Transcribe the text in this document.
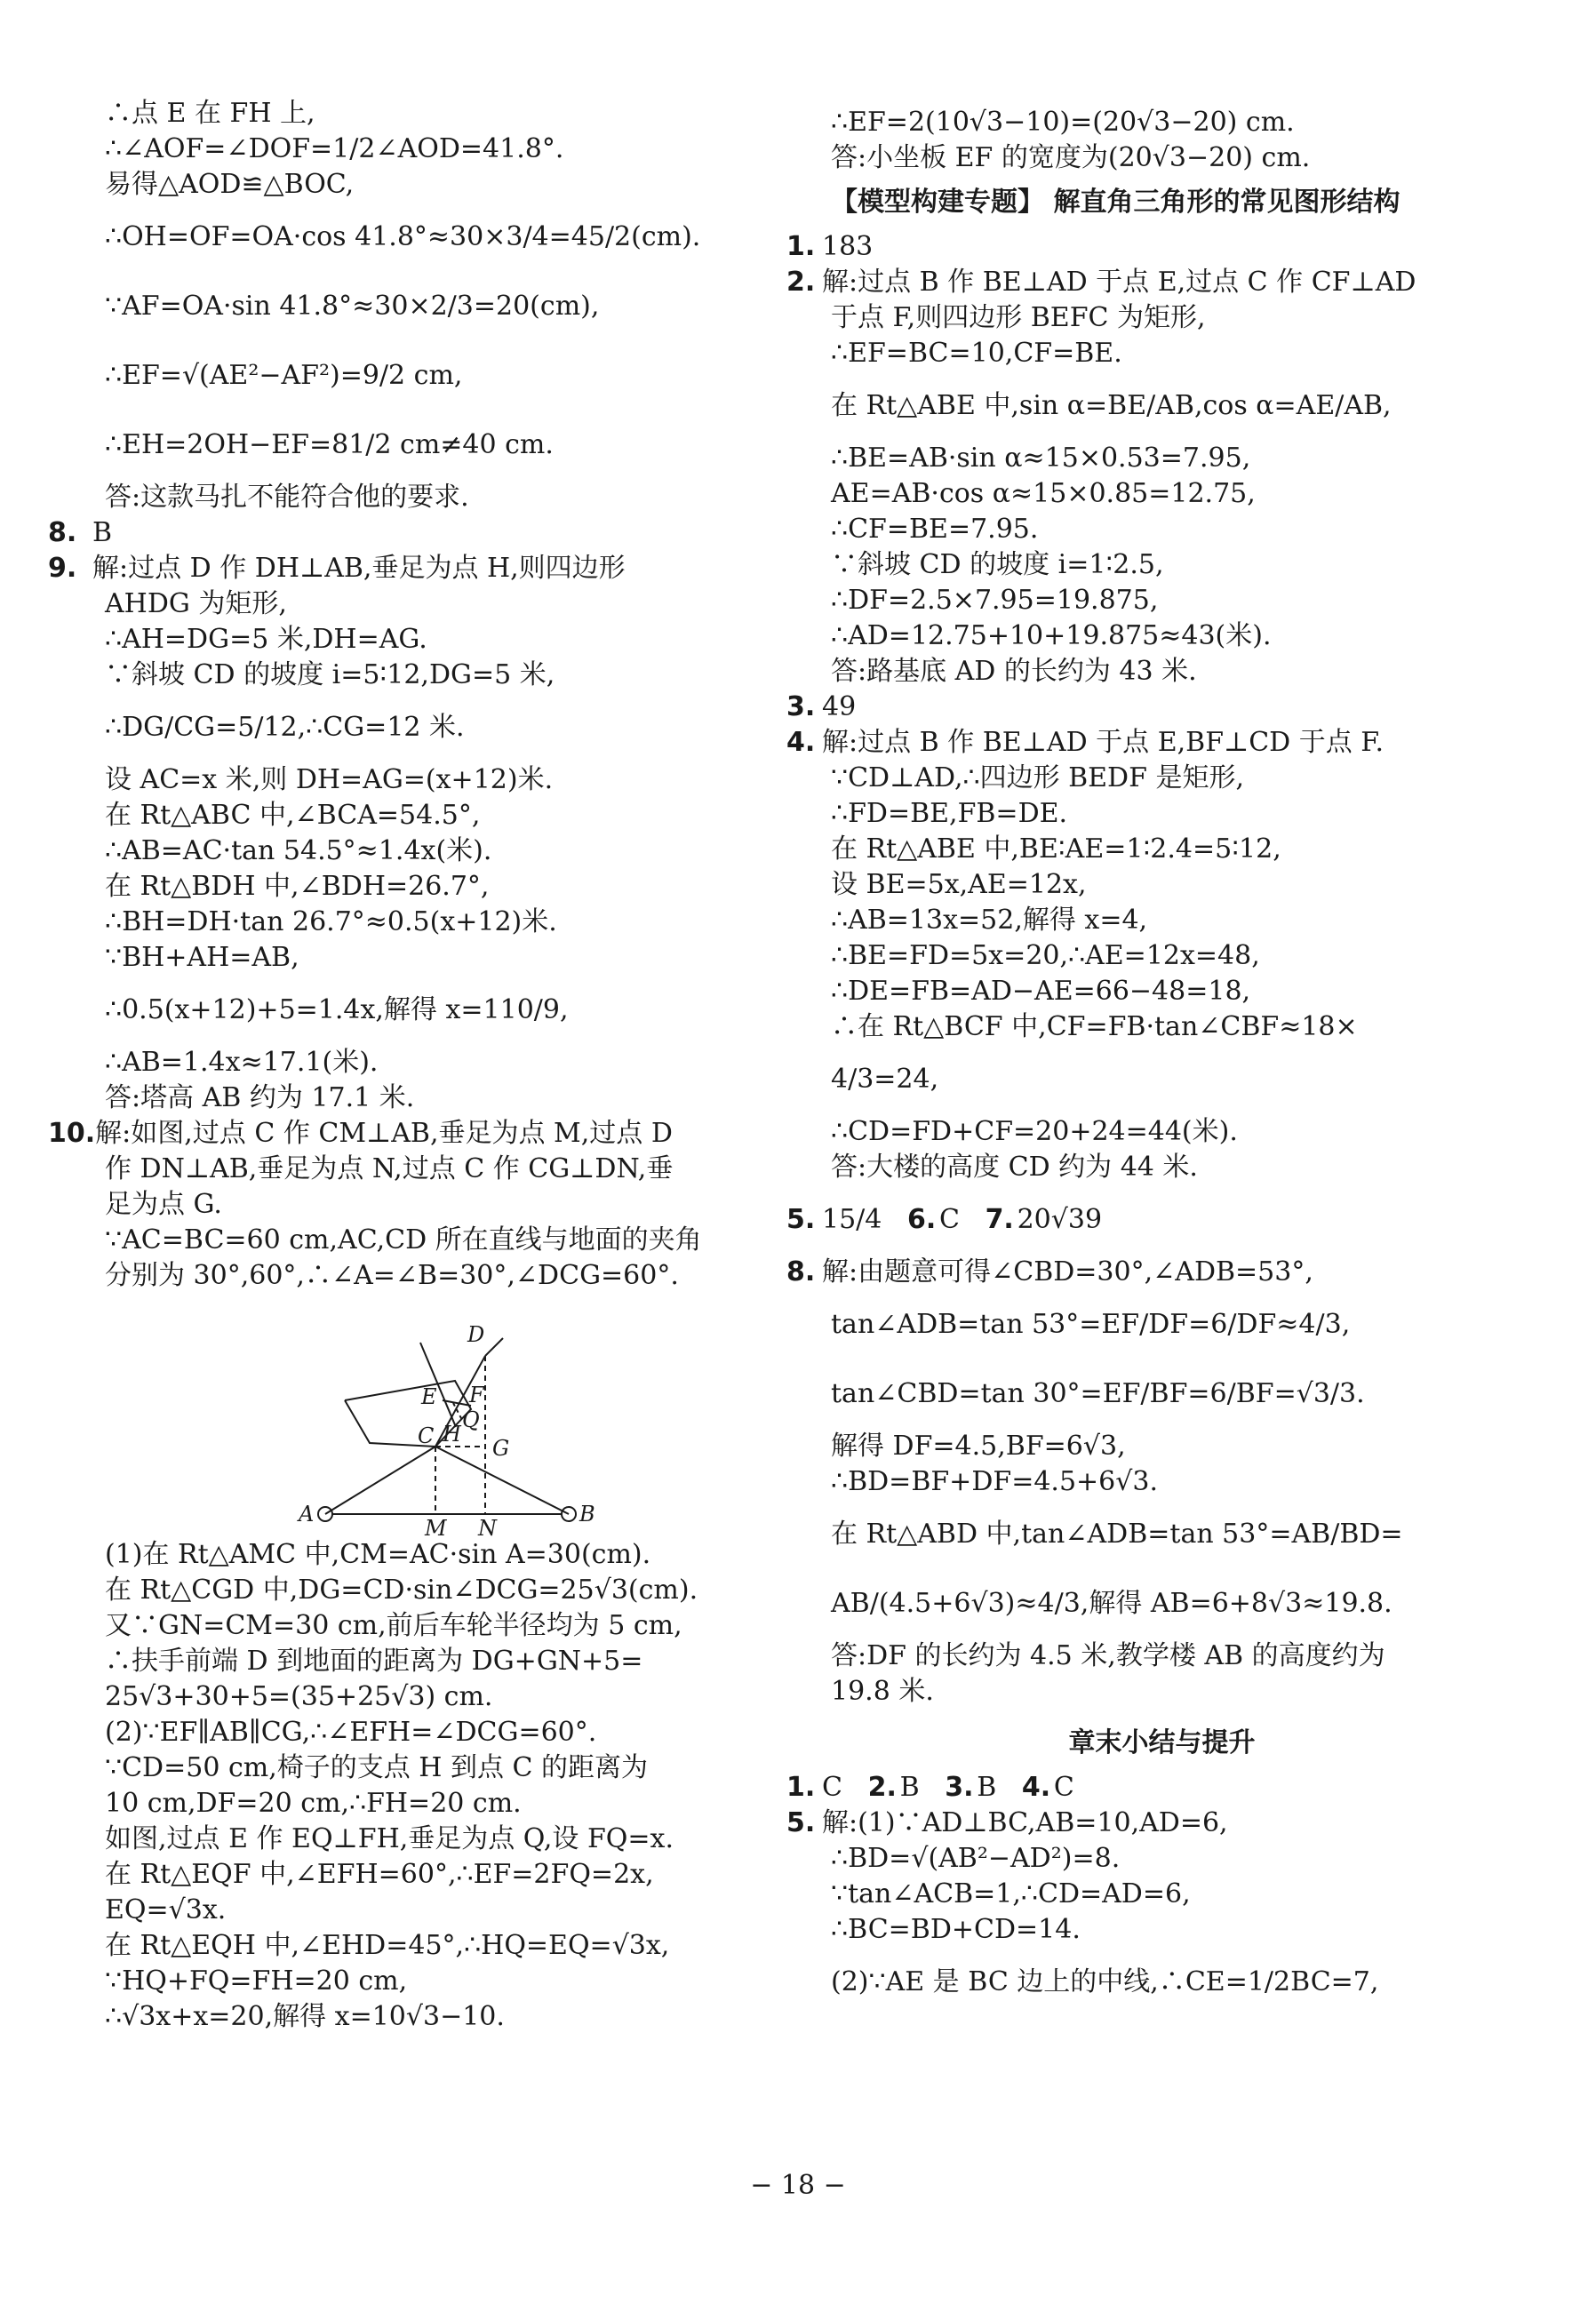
∴点 E 在 FH 上,
∴∠AOF=∠DOF=1/2∠AOD=41.8°.
易得△AOD≌△BOC,
∴OH=OF=OA·cos 41.8°≈30×3/4=45/2(cm).
∵AF=OA·sin 41.8°≈30×2/3=20(cm),
∴EF=√(AE²−AF²)=9/2 cm,
∴EH=2OH−EF=81/2 cm≠40 cm.
答:这款马扎不能符合他的要求.
8. B
9. 解:过点 D 作 DH⊥AB,垂足为点 H,则四边形
AHDG 为矩形,
∴AH=DG=5 米,DH=AG.
∵斜坡 CD 的坡度 i=5∶12,DG=5 米,
∴DG/CG=5/12,∴CG=12 米.
设 AC=x 米,则 DH=AG=(x+12)米.
在 Rt△ABC 中,∠BCA=54.5°,
∴AB=AC·tan 54.5°≈1.4x(米).
在 Rt△BDH 中,∠BDH=26.7°,
∴BH=DH·tan 26.7°≈0.5(x+12)米.
∵BH+AH=AB,
∴0.5(x+12)+5=1.4x,解得 x=110/9,
∴AB=1.4x≈17.1(米).
答:塔高 AB 约为 17.1 米.
10.解:如图,过点 C 作 CM⊥AB,垂足为点 M,过点 D
作 DN⊥AB,垂足为点 N,过点 C 作 CG⊥DN,垂
足为点 G.
∵AC=BC=60 cm,AC,CD 所在直线与地面的夹角
分别为 30°,60°,∴∠A=∠B=30°,∠DCG=60°.
D
E F
Q
C H
G
A
M N
B
(1)在 Rt△AMC 中,CM=AC·sin A=30(cm).
在 Rt△CGD 中,DG=CD·sin∠DCG=25√3(cm).
又∵GN=CM=30 cm,前后车轮半径均为 5 cm,
∴扶手前端 D 到地面的距离为 DG+GN+5=
25√3+30+5=(35+25√3) cm.
(2)∵EF∥AB∥CG,∴∠EFH=∠DCG=60°.
∵CD=50 cm,椅子的支点 H 到点 C 的距离为
10 cm,DF=20 cm,∴FH=20 cm.
如图,过点 E 作 EQ⊥FH,垂足为点 Q,设 FQ=x.
在 Rt△EQF 中,∠EFH=60°,∴EF=2FQ=2x,
EQ=√3x.
在 Rt△EQH 中,∠EHD=45°,∴HQ=EQ=√3x,
∵HQ+FQ=FH=20 cm,
∴√3x+x=20,解得 x=10√3−10.
∴EF=2(10√3−10)=(20√3−20) cm.
答:小坐板 EF 的宽度为(20√3−20) cm.
【模型构建专题】 解直角三角形的常见图形结构
1. 183
2. 解:过点 B 作 BE⊥AD 于点 E,过点 C 作 CF⊥AD
于点 F,则四边形 BEFC 为矩形,
∴EF=BC=10,CF=BE.
在 Rt△ABE 中,sin α=BE/AB,cos α=AE/AB,
∴BE=AB·sin α≈15×0.53=7.95,
AE=AB·cos α≈15×0.85=12.75,
∴CF=BE=7.95.
∵斜坡 CD 的坡度 i=1∶2.5,
∴DF=2.5×7.95=19.875,
∴AD=12.75+10+19.875≈43(米).
答:路基底 AD 的长约为 43 米.
3. 49
4. 解:过点 B 作 BE⊥AD 于点 E,BF⊥CD 于点 F.
∵CD⊥AD,∴四边形 BEDF 是矩形,
∴FD=BE,FB=DE.
在 Rt△ABE 中,BE∶AE=1∶2.4=5∶12,
设 BE=5x,AE=12x,
∴AB=13x=52,解得 x=4,
∴BE=FD=5x=20,∴AE=12x=48,
∴DE=FB=AD−AE=66−48=18,
∴在 Rt△BCF 中,CF=FB·tan∠CBF≈18×
4/3=24,
∴CD=FD+CF=20+24=44(米).
答:大楼的高度 CD 约为 44 米.
5. 15/4 6. C 7. 20√39
8. 解:由题意可得∠CBD=30°,∠ADB=53°,
tan∠ADB=tan 53°=EF/DF=6/DF≈4/3,
tan∠CBD=tan 30°=EF/BF=6/BF=√3/3.
解得 DF=4.5,BF=6√3,
∴BD=BF+DF=4.5+6√3.
在 Rt△ABD 中,tan∠ADB=tan 53°=AB/BD=
AB/(4.5+6√3)≈4/3,解得 AB=6+8√3≈19.8.
答:DF 的长约为 4.5 米,教学楼 AB 的高度约为
19.8 米.
章末小结与提升
1. C 2. B 3. B 4. C
5. 解:(1)∵AD⊥BC,AB=10,AD=6,
∴BD=√(AB²−AD²)=8.
∵tan∠ACB=1,∴CD=AD=6,
∴BC=BD+CD=14.
(2)∵AE 是 BC 边上的中线,∴CE=1/2BC=7,
− 18 −
